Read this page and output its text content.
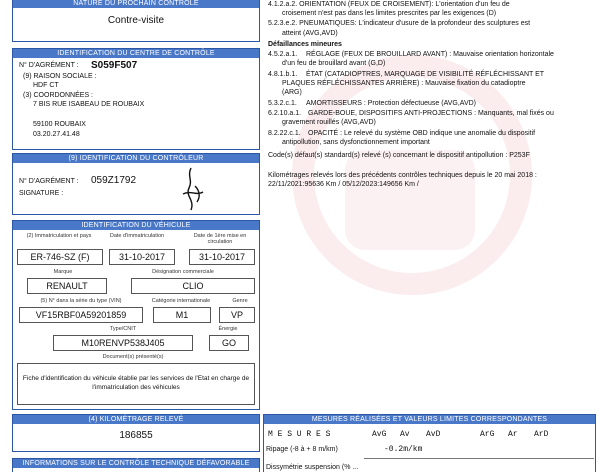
NATURE DU PROCHAIN CONTRÔLE
Contre-visite
IDENTIFICATION DU CENTRE DE CONTRÔLE
N° D'AGRÉMENT : S059F507
(9) RAISON SOCIALE :
HDF CT
(3) COORDONNÉES :
7 BIS RUE ISABEAU DE ROUBAIX
59100 ROUBAIX
03.20.27.41.48
(9) IDENTIFICATION DU CONTRÔLEUR
N° D'AGRÉMENT : 059Z1792
SIGNATURE :
IDENTIFICATION DU VÉHICULE
(2) Immatriculation et pays	Date d'immatriculation	Date de 1ère mise en circulation
ER-746-SZ (F)	31-10-2017	31-10-2017
Marque	Désignation commerciale
RENAULT	CLIO
(5) N° dans la série du type (VIN)	Catégorie internationale	Genre
VF15RBF0A59201859	M1	VP
Type/CNIT	Énergie
M10RENVP538J405	GO
Document(s) présenté(s)
Fiche d'identification du véhicule établie par les services de l'Etat en charge de l'immatriculation des véhicules
(4) KILOMÉTRAGE RELEVÉ
186855
INFORMATIONS SUR LE CONTRÔLE TECHNIQUE DÉFAVORABLE
4.1.2.a.2. ORIENTATION (FEUX DE CROISEMENT): L'orientation d'un feu de
croisement n'est pas dans les limites prescrites par les exigences (D)
5.2.3.e.2. PNEUMATIQUES: L'indicateur d'usure de la profondeur des sculptures est
atteint (AVG,AVD)
Défaillances mineures
4.5.2.a.1. RÉGLAGE (FEUX DE BROUILLARD AVANT) : Mauvaise orientation horizontale
d'un feu de brouillard avant (G,D)
4.8.1.b.1. ÉTAT (CATADIOPTRES, MARQUAGE DE VISIBILITÉ RÉFLÉCHISSANT ET
PLAQUES RÉFLÉCHISSANTES ARRIÈRE) : Mauvaise fixation du catadioptre
(ARG)
5.3.2.c.1. AMORTISSEURS : Protection défectueuse (AVG,AVD)
6.2.10.a.1. GARDE-BOUE, DISPOSITIFS ANTI-PROJECTIONS : Manquants, mal fixés ou
gravement rouillés (AVG,AVD)
8.2.22.c.1. OPACITÉ : Le relevé du système OBD indique une anomalie du dispositif
antipollution, sans dysfonctionnement important
Code(s) défaut(s) standard(s) relevé (s) concernant le dispositif antipollution : P253F
Kilométrages relevés lors des précédents contrôles techniques depuis le 20 mai 2018 :
22/11/2021:95636 Km / 05/12/2023:149656 Km /
MESURES RÉALISÉES ET VALEURS LIMITES CORRESPONDANTES
M E S U R E S	AvG Av AvD	ArG Ar ArD
Ripage (-8 à + 8 m/km)	-0.2m/km
Dissymétrie suspension (% ...
